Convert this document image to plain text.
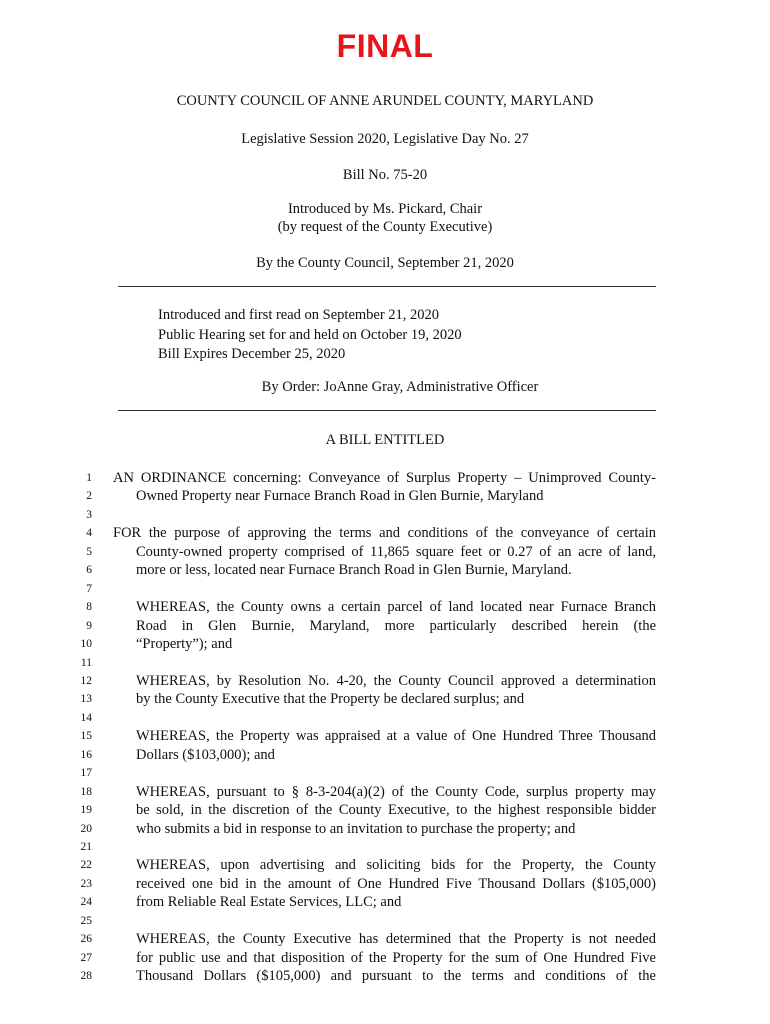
FINAL
COUNTY COUNCIL OF ANNE ARUNDEL COUNTY, MARYLAND
Legislative Session 2020, Legislative Day No. 27
Bill No. 75-20
Introduced by Ms. Pickard, Chair
(by request of the County Executive)
By the County Council, September 21, 2020
Introduced and first read on September 21, 2020
Public Hearing set for and held on October 19, 2020
Bill Expires December 25, 2020
By Order: JoAnne Gray, Administrative Officer
A BILL ENTITLED
1 AN ORDINANCE concerning: Conveyance of Surplus Property – Unimproved County-
2	Owned Property near Furnace Branch Road in Glen Burnie, Maryland
3
4 FOR the purpose of approving the terms and conditions of the conveyance of certain
5	County-owned property comprised of 11,865 square feet or 0.27 of an acre of land,
6	more or less, located near Furnace Branch Road in Glen Burnie, Maryland.
7
8	WHEREAS, the County owns a certain parcel of land located near Furnace Branch
9	Road in Glen Burnie, Maryland, more particularly described herein (the
10	“Property”); and
11
12	WHEREAS, by Resolution No. 4-20, the County Council approved a determination
13	by the County Executive that the Property be declared surplus; and
14
15	WHEREAS, the Property was appraised at a value of One Hundred Three Thousand
16	Dollars ($103,000); and
17
18	WHEREAS, pursuant to § 8-3-204(a)(2) of the County Code, surplus property may
19	be sold, in the discretion of the County Executive, to the highest responsible bidder
20	who submits a bid in response to an invitation to purchase the property; and
21
22	WHEREAS, upon advertising and soliciting bids for the Property, the County
23	received one bid in the amount of One Hundred Five Thousand Dollars ($105,000)
24	from Reliable Real Estate Services, LLC; and
25
26	WHEREAS, the County Executive has determined that the Property is not needed
27	for public use and that disposition of the Property for the sum of One Hundred Five
28	Thousand Dollars ($105,000) and pursuant to the terms and conditions of the
